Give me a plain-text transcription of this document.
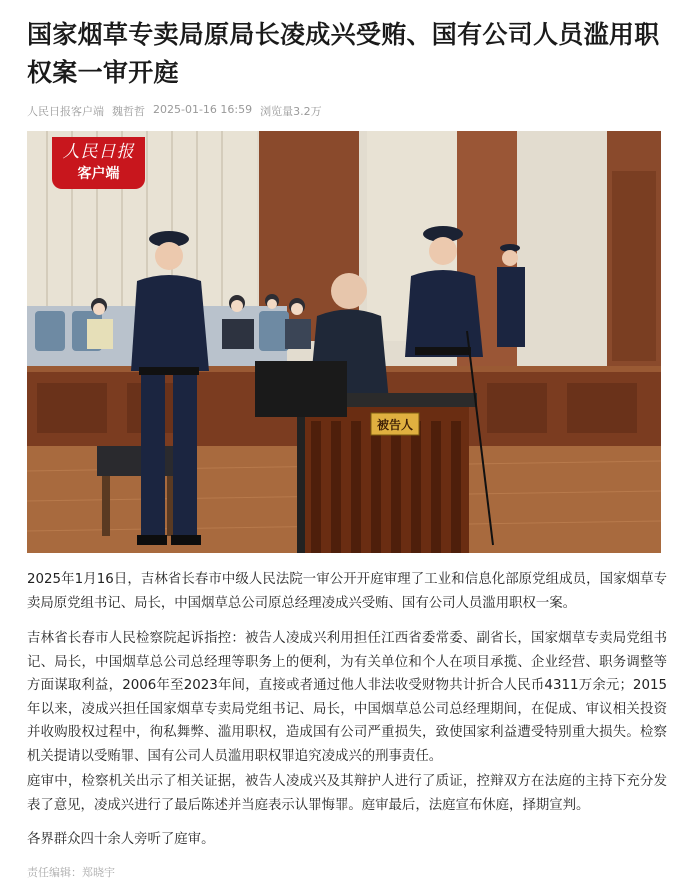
国家烟草专卖局原局长凌成兴受贿、国有公司人员滥用职权案一审开庭
人民日报客户端 魏哲哲 2025-01-16 16:59 浏览量3.2万
被告人
人民日报
客户端

2025年1月16日，吉林省长春市中级人民法院一审公开开庭审理了工业和信息化部原党组成员，国家烟草专卖局原党组书记、局长，中国烟草总公司原总经理凌成兴受贿、国有公司人员滥用职权一案。

吉林省长春市人民检察院起诉指控：被告人凌成兴利用担任江西省委常委、副省长，国家烟草专卖局党组书记、局长，中国烟草总公司总经理等职务上的便利，为有关单位和个人在项目承揽、企业经营、职务调整等方面谋取利益，2006年至2023年间，直接或者通过他人非法收受财物共计折合人民币4311万余元；2015年以来，凌成兴担任国家烟草专卖局党组书记、局长，中国烟草总公司总经理期间，在促成、审议相关投资并收购股权过程中，徇私舞弊、滥用职权，造成国有公司严重损失，致使国家利益遭受特别重大损失。检察机关提请以受贿罪、国有公司人员滥用职权罪追究凌成兴的刑事责任。

庭审中，检察机关出示了相关证据，被告人凌成兴及其辩护人进行了质证，控辩双方在法庭的主持下充分发表了意见，凌成兴进行了最后陈述并当庭表示认罪悔罪。庭审最后，法庭宣布休庭，择期宣判。

各界群众四十余人旁听了庭审。

责任编辑：郑晓宇
